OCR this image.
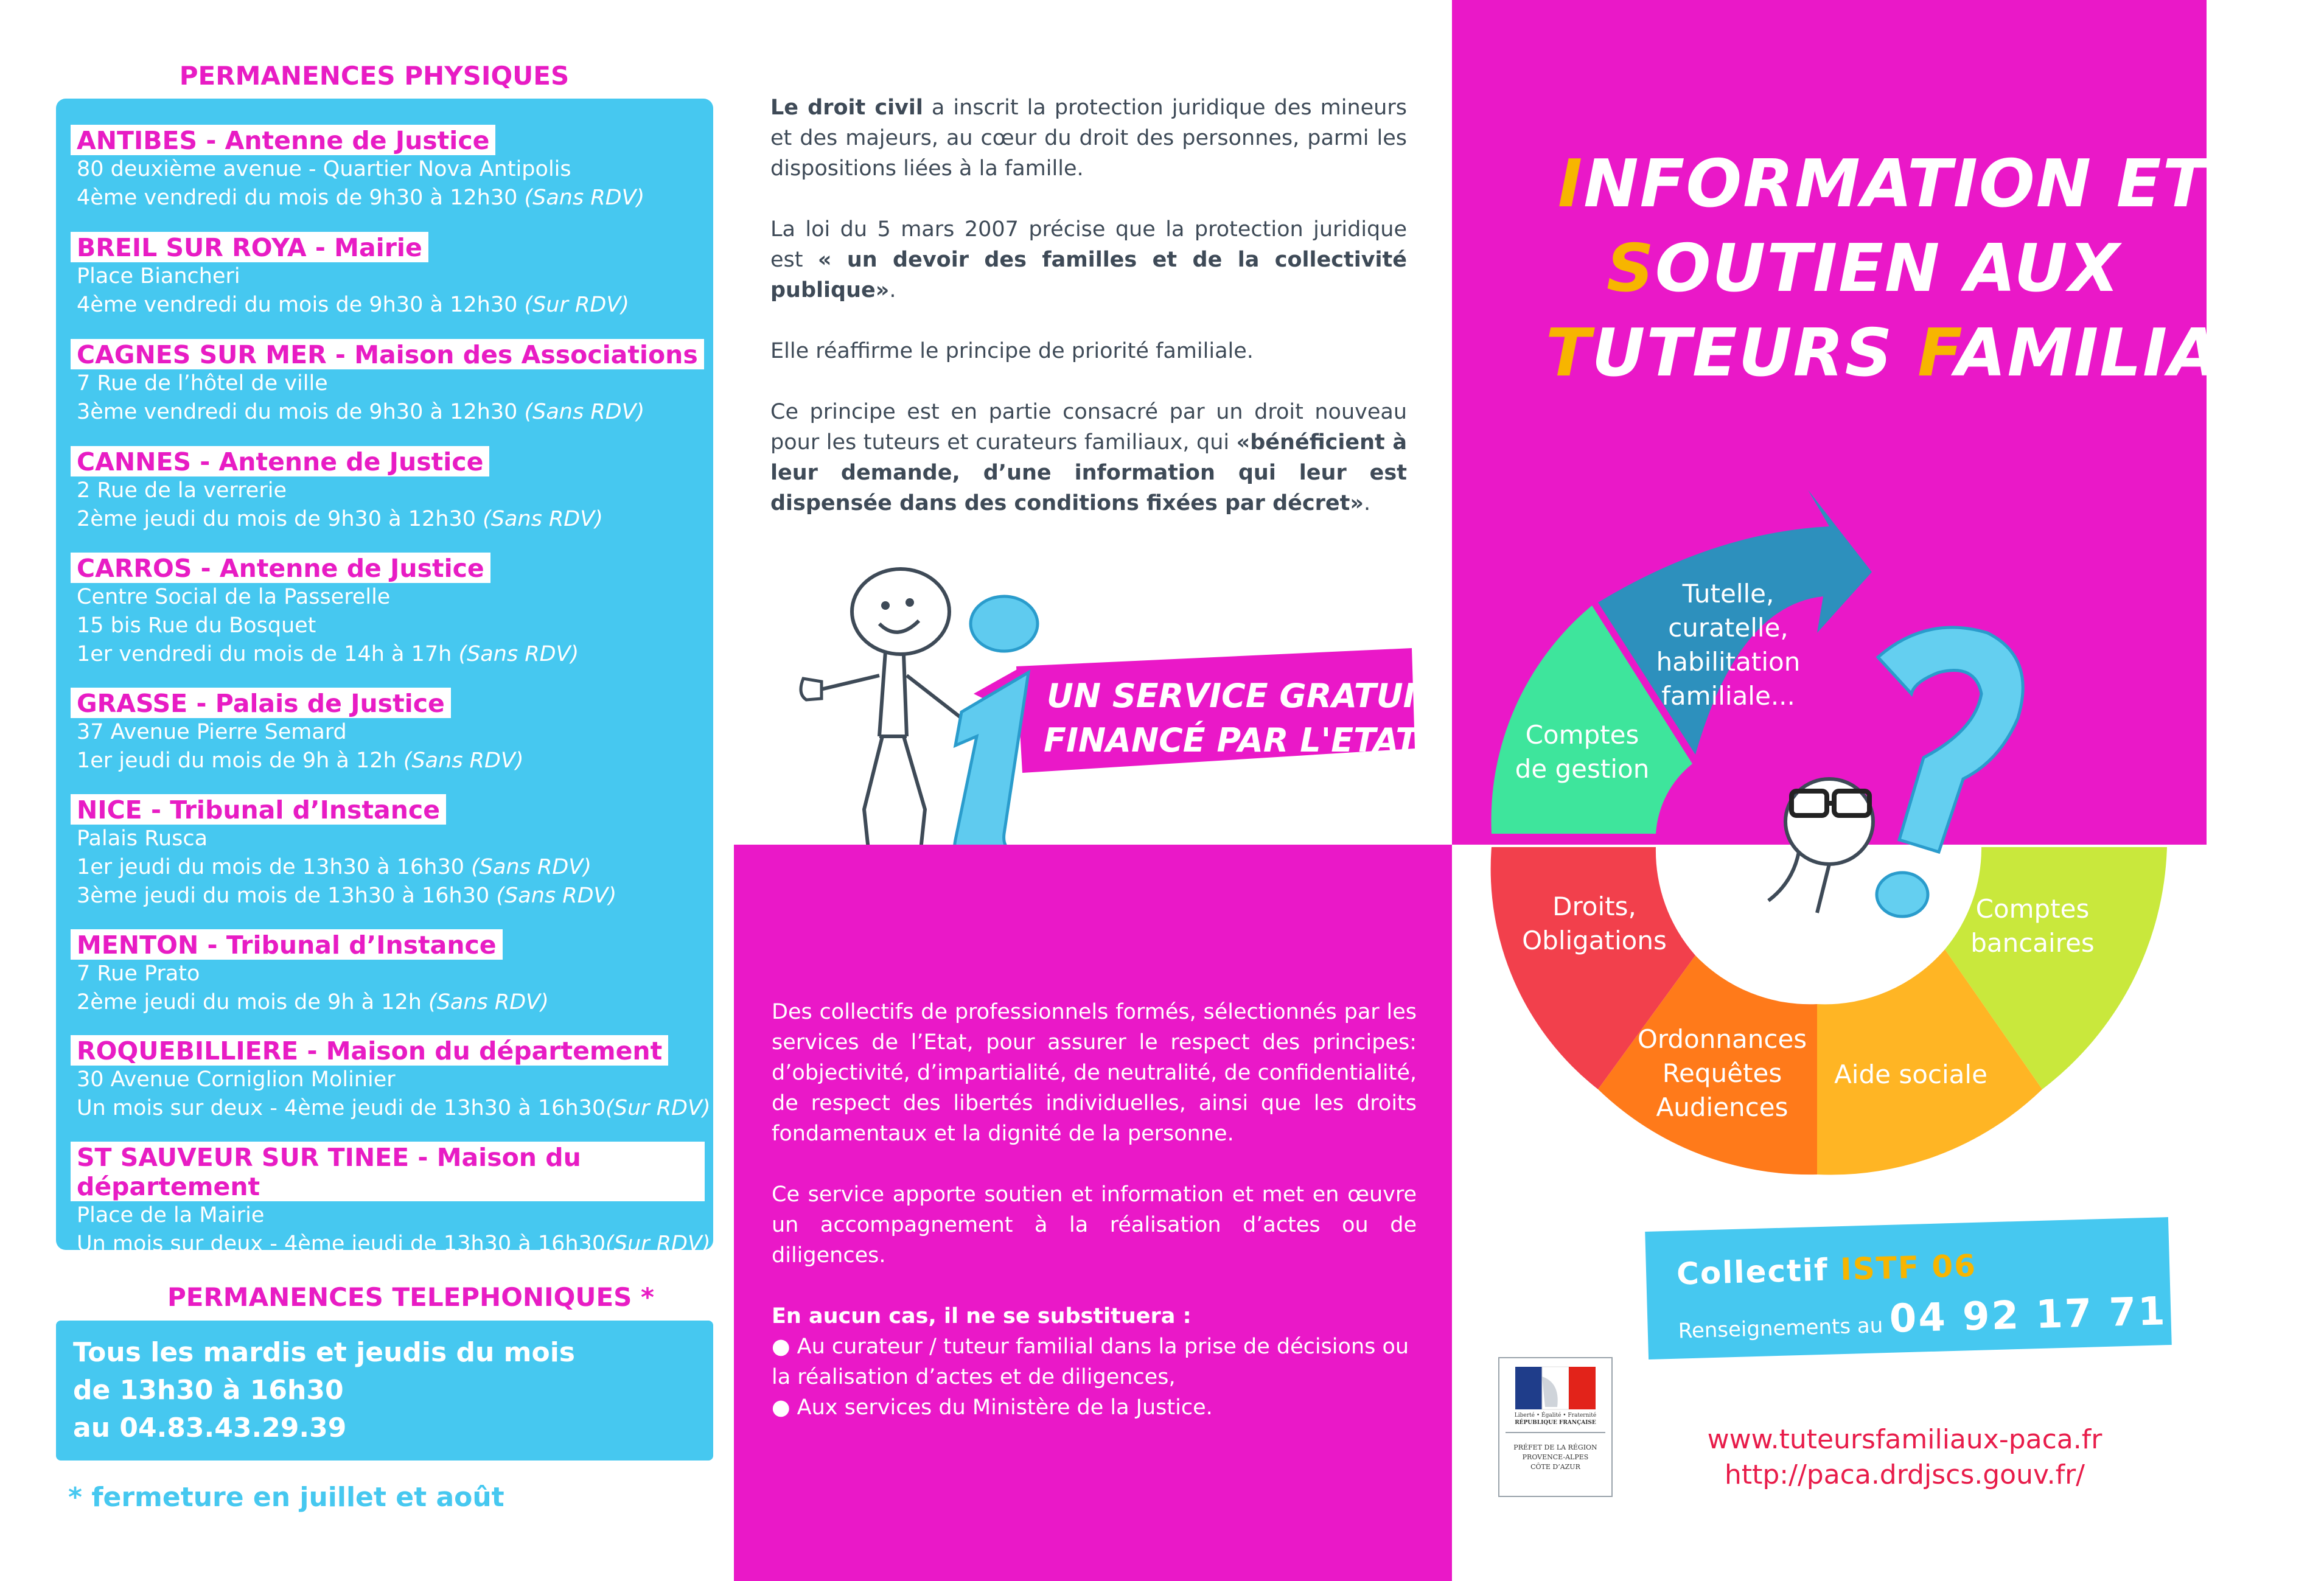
PERMANENCES PHYSIQUES
ANTIBES - Antenne de Justice
80 deuxième avenue - Quartier Nova Antipolis
4ème vendredi du mois de 9h30 à 12h30 (Sans RDV)
BREIL SUR ROYA - Mairie
Place Biancheri
4ème vendredi du mois de 9h30 à 12h30 (Sur RDV)
CAGNES SUR MER - Maison des Associations
7 Rue de l’hôtel de ville
3ème vendredi du mois de 9h30 à 12h30 (Sans RDV)
CANNES - Antenne de Justice
2 Rue de la verrerie
2ème jeudi du mois de 9h30 à 12h30 (Sans RDV)
CARROS - Antenne de Justice
Centre Social de la Passerelle
15 bis Rue du Bosquet
1er vendredi du mois de 14h à 17h (Sans RDV)
GRASSE - Palais de Justice
37 Avenue Pierre Semard
1er jeudi du mois de 9h à 12h (Sans RDV)
NICE - Tribunal d’Instance
Palais Rusca
1er jeudi du mois de 13h30 à 16h30 (Sans RDV)
3ème jeudi du mois de 13h30 à 16h30 (Sans RDV)
MENTON - Tribunal d’Instance
7 Rue Prato
2ème jeudi du mois de 9h à 12h (Sans RDV)
ROQUEBILLIERE - Maison du département
30 Avenue Corniglion Molinier
Un mois sur deux - 4ème jeudi de 13h30 à 16h30(Sur RDV)
ST SAUVEUR SUR TINEE - Maison du département
Place de la Mairie
Un mois sur deux - 4ème jeudi de 13h30 à 16h30(Sur RDV)
PERMANENCES TELEPHONIQUES *
Tous les mardis et jeudis du mois
de 13h30 à 16h30
au 04.83.43.29.39
* fermeture en juillet et août
Le droit civil a inscrit la protection juridique des mineurs et des majeurs, au cœur du droit des personnes, parmi les dispositions liées à la famille.
La loi du 5 mars 2007 précise que la protection juridique est « un devoir des familles et de la collectivité publique».
Elle réaffirme le principe de priorité familiale.
Ce principe est en partie consacré par un droit nouveau pour les tuteurs et curateurs familiaux, qui «bénéficient à leur demande, d’une information qui leur est dispensée dans des conditions fixées par décret».
UN SERVICE GRATUIT
FINANCÉ PAR L'ETAT
Des collectifs de professionnels formés, sélectionnés par les services de l’Etat, pour assurer le respect des principes: d’objectivité, d’impartialité, de neutralité, de confidentialité, de respect des libertés individuelles, ainsi que les droits fondamentaux et la dignité de la personne.
Ce service apporte soutien et information et met en œuvre un accompagnement à la réalisation d’actes ou de diligences.
En aucun cas, il ne se substituera :
● Au curateur / tuteur familial dans la prise de décisions ou la réalisation d’actes et de diligences,
● Aux services du Ministère de la Justice.
INFORMATION ET
SOUTIEN AUX
TUTEURS FAMILIAUX
Tutelle, curatelle,
habilitation
familiale...
Comptes
de gestion
Droits,
Obligations
Ordonnances
Requêtes
Audiences
Aide sociale
Comptes
bancaires
Collectif ISTF 06
Renseignements au 04 92 17 71 16
Liberté • Égalité • Fraternité
RÉPUBLIQUE FRANÇAISE
PRÉFET DE LA RÉGION
PROVENCE-ALPES
CÔTE D’AZUR
www.tuteursfamiliaux-paca.fr
http://paca.drdjscs.gouv.fr/
